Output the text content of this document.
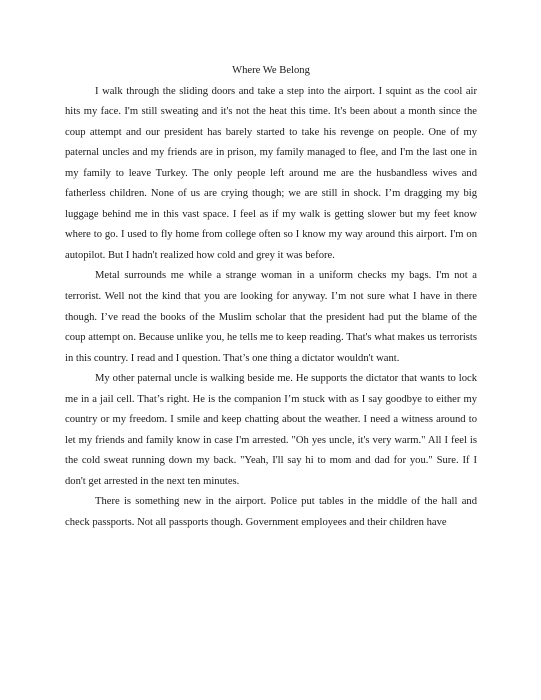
Where We Belong

I walk through the sliding doors and take a step into the airport. I squint as the cool air hits my face. I'm still sweating and it's not the heat this time. It's been about a month since the coup attempt and our president has barely started to take his revenge on people. One of my paternal uncles and my friends are in prison, my family managed to flee, and I'm the last one in my family to leave Turkey. The only people left around me are the husbandless wives and fatherless children. None of us are crying though; we are still in shock. I’m dragging my big luggage behind me in this vast space. I feel as if my walk is getting slower but my feet know where to go. I used to fly home from college often so I know my way around this airport. I'm on autopilot. But I hadn't realized how cold and grey it was before.

Metal surrounds me while a strange woman in a uniform checks my bags. I'm not a terrorist. Well not the kind that you are looking for anyway. I’m not sure what I have in there though. I’ve read the books of the Muslim scholar that the president had put the blame of the coup attempt on. Because unlike you, he tells me to keep reading. That's what makes us terrorists in this country. I read and I question. That’s one thing a dictator wouldn't want.

My other paternal uncle is walking beside me. He supports the dictator that wants to lock me in a jail cell. That’s right. He is the companion I’m stuck with as I say goodbye to either my country or my freedom. I smile and keep chatting about the weather. I need a witness around to let my friends and family know in case I'm arrested. "Oh yes uncle, it's very warm." All I feel is the cold sweat running down my back. "Yeah, I'll say hi to mom and dad for you." Sure. If I don't get arrested in the next ten minutes.

There is something new in the airport. Police put tables in the middle of the hall and check passports. Not all passports though. Government employees and their children have
